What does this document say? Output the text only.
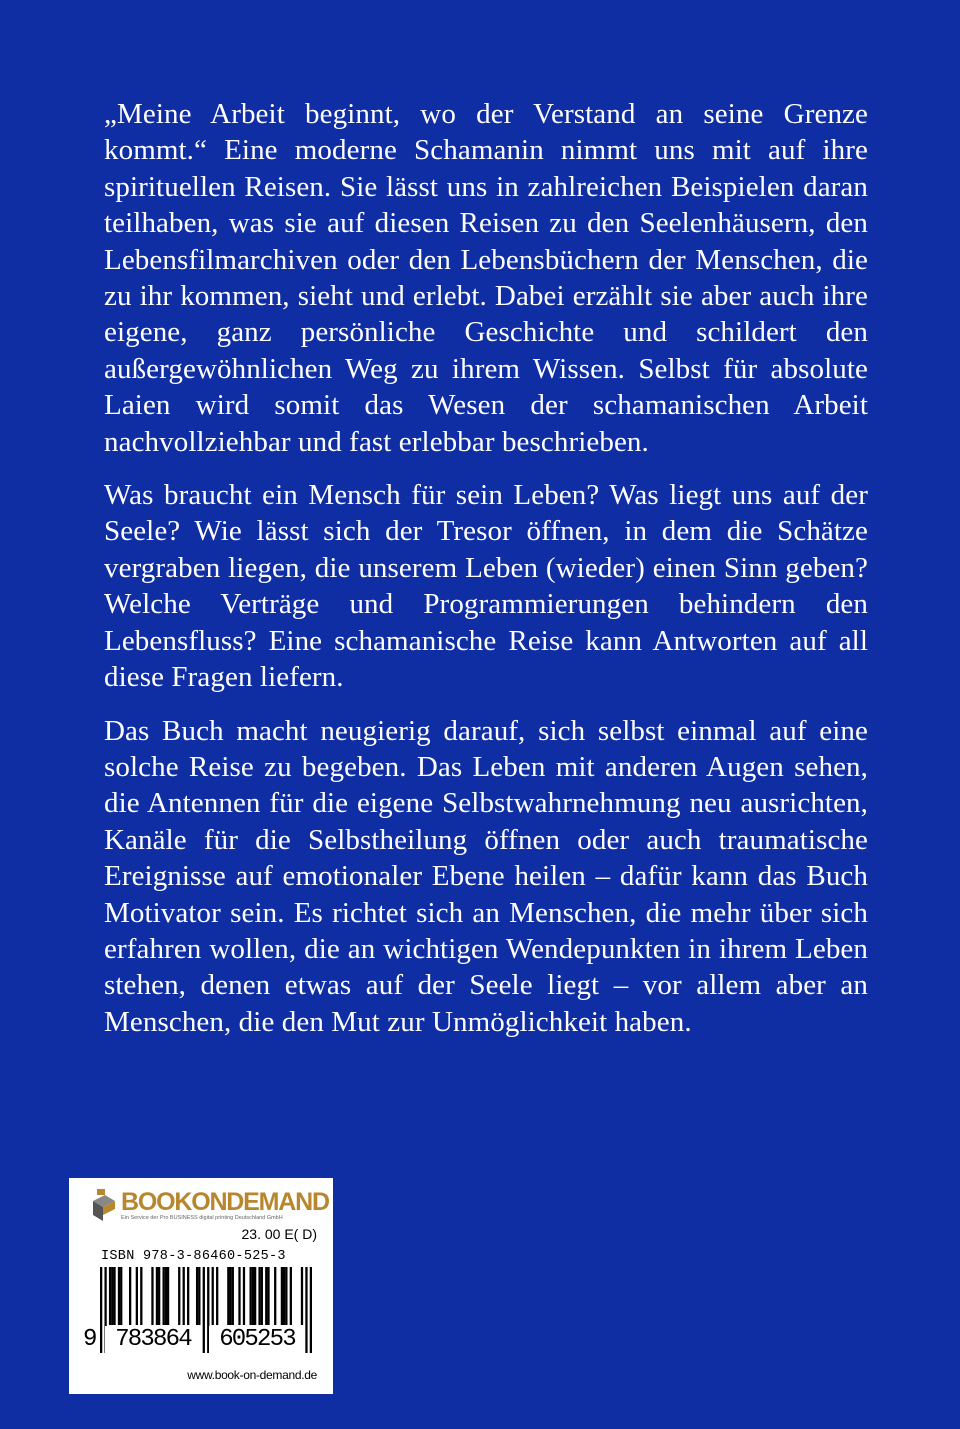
„Meine Arbeit beginnt, wo der Verstand an seine Grenze kommt.“ Eine moderne Schamanin nimmt uns mit auf ihre spirituellen Reisen. Sie lässt uns in zahlreichen Beispielen daran teilhaben, was sie auf diesen Reisen zu den Seelenhäusern, den Lebensfilmarchiven oder den Lebensbüchern der Menschen, die zu ihr kommen, sieht und erlebt. Dabei erzählt sie aber auch ihre eigene, ganz persönliche Geschichte und schildert den außergewöhnlichen Weg zu ihrem Wissen. Selbst für absolute Laien wird somit das Wesen der schamanischen Arbeit nachvollziehbar und fast erlebbar beschrieben.

Was braucht ein Mensch für sein Leben? Was liegt uns auf der Seele? Wie lässt sich der Tresor öffnen, in dem die Schätze vergraben liegen, die unserem Leben (wieder) einen Sinn geben? Welche Verträge und Programmierungen behindern den Lebensfluss? Eine schamanische Reise kann Antworten auf all diese Fragen liefern.

Das Buch macht neugierig darauf, sich selbst einmal auf eine solche Reise zu begeben. Das Leben mit anderen Augen sehen, die Antennen für die eigene Selbstwahrnehmung neu ausrichten, Kanäle für die Selbstheilung öffnen oder auch traumatische Ereignisse auf emotionaler Ebene heilen – dafür kann das Buch Motivator sein. Es richtet sich an Menschen, die mehr über sich erfahren wollen, die an wichtigen Wendepunkten in ihrem Leben stehen, denen etwas auf der Seele liegt – vor allem aber an Menschen, die den Mut zur Unmöglichkeit haben.

BOOKONDEMAND
Ein Service der Pro BUSINESS digital printing Deutschland GmbH
23. 00 E( D)
ISBN 978-3-86460-525-3
9 783864	605253
www.book-on-demand.de
